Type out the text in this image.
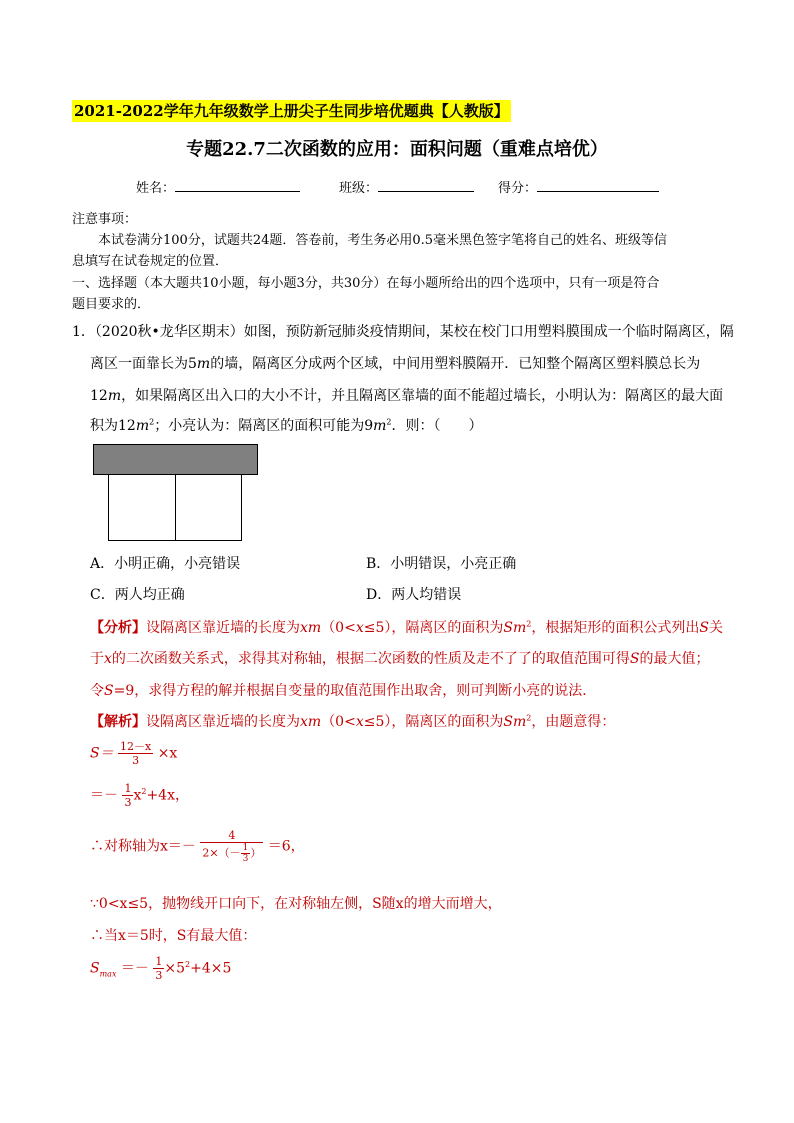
2021-2022学年九年级数学上册尖子生同步培优题典【人教版】
专题22.7二次函数的应用：面积问题（重难点培优）
姓名：	班级：	得分：
注意事项：
本试卷满分100分，试题共24题．答卷前，考生务必用0.5毫米黑色签字笔将自己的姓名、班级等信
息填写在试卷规定的位置．
一、选择题（本大题共10小题，每小题3分，共30分）在每小题所给出的四个选项中，只有一项是符合
题目要求的．
1．（2020秋•龙华区期末）如图，预防新冠肺炎疫情期间，某校在校门口用塑料膜围成一个临时隔离区，隔
离区一面靠长为5m的墙，隔离区分成两个区域，中间用塑料膜隔开．已知整个隔离区塑料膜总长为
12m，如果隔离区出入口的大小不计，并且隔离区靠墙的面不能超过墙长，小明认为：隔离区的最大面
积为$12m^2$；小亮认为：隔离区的面积可能为$9m^2$．则：（　　）
A．小明正确，小亮错误	B．小明错误，小亮正确
C．两人均正确	D．两人均错误
【分析】设隔离区靠近墙的长度为xm（0<x≤5），隔离区的面积为Sm$^2$，根据矩形的面积公式列出S关
于x的二次函数关系式，求得其对称轴，根据二次函数的性质及走不了了的取值范围可得S的最大值；
令S=9，求得方程的解并根据自变量的取值范围作出取舍，则可判断小亮的说法．
【解析】设隔离区靠近墙的长度为xm（0<x≤5），隔离区的面积为Sm$^2$，由题意得：
$S= \frac{12-x}{3} \times x$
＝－ $\frac{1}{3} x^2+4x$，
∴对称轴为$x=- \frac{4}{2\times(- \frac{1}{3} )} =6$，
∵0<x≤5，抛物线开口向下，在对称轴左侧，S随x的增大而增大，
∴当x＝5时，S有最大值：
$S_{max} =- \frac{1}{3} \times 5^2+4\times 5$
